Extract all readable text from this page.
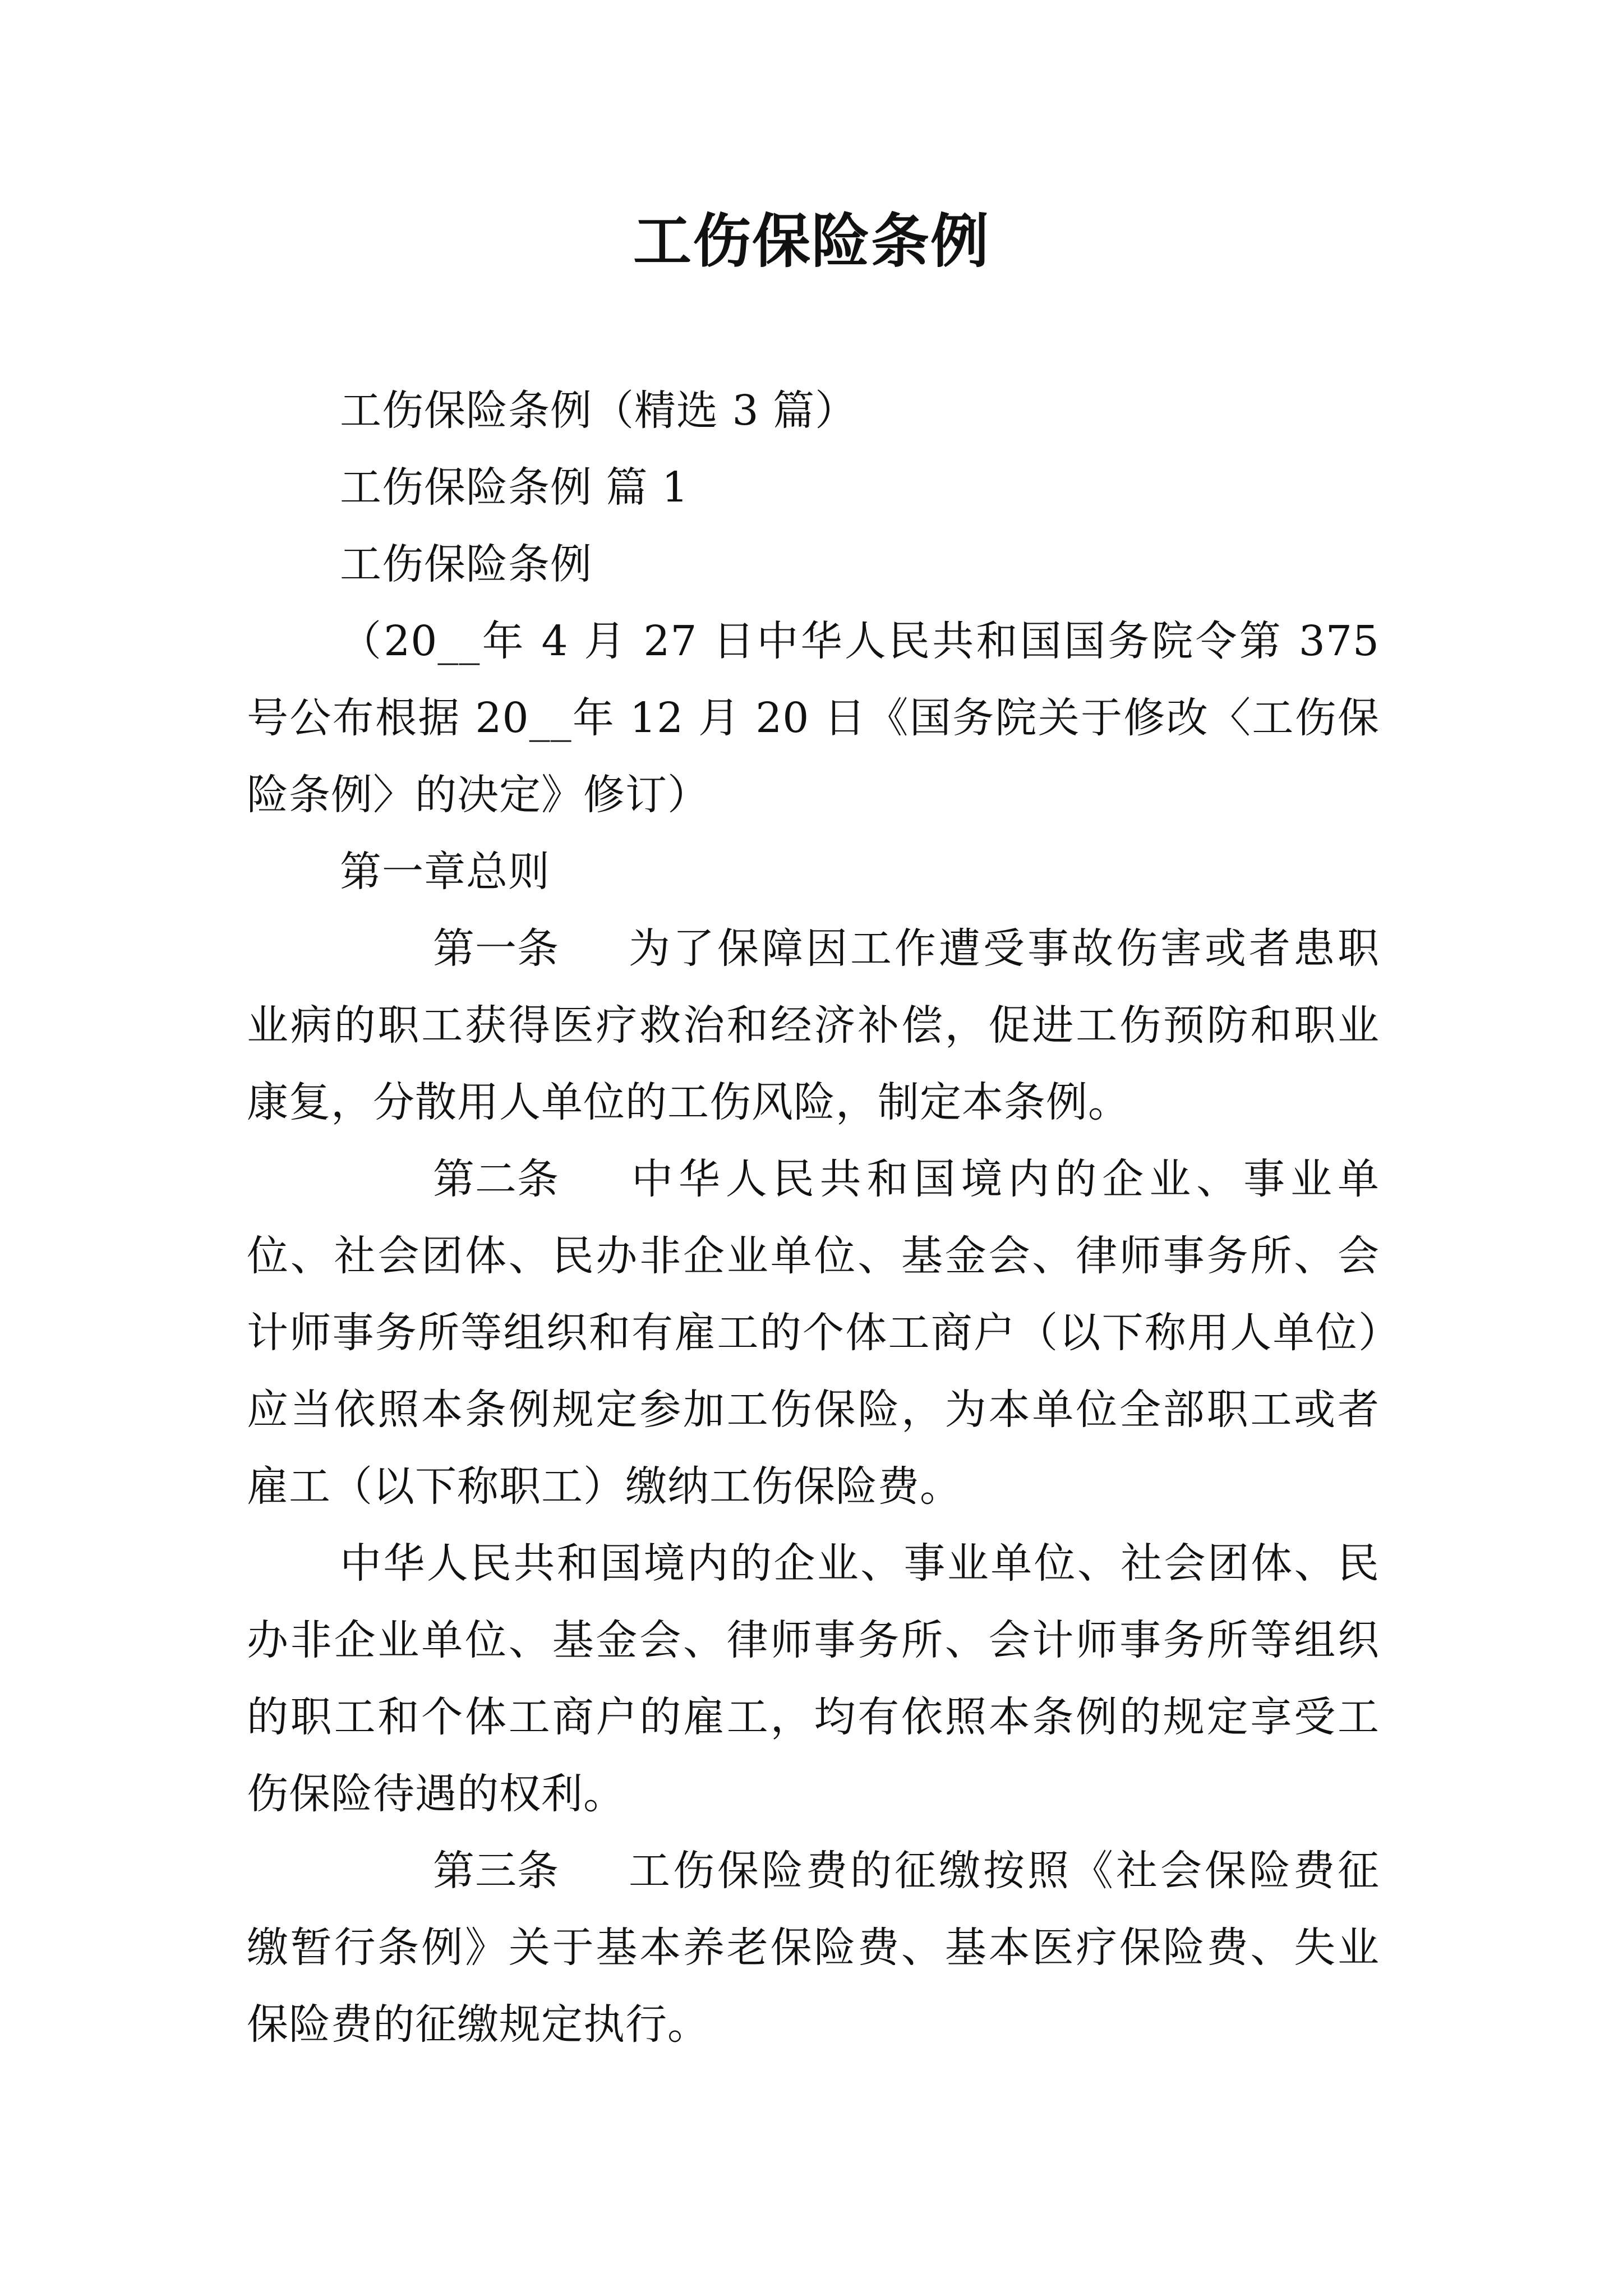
工伤保险条例

工伤保险条例（精选 3 篇）

工伤保险条例 篇 1

工伤保险条例

（20__年 4 月 27 日中华人民共和国国务院令第 375 号公布根据 20__年 12 月 20 日《国务院关于修改〈工伤保险条例〉的决定》修订）

第一章总则

第一条 为了保障因工作遭受事故伤害或者患职业病的职工获得医疗救治和经济补偿，促进工伤预防和职业康复，分散用人单位的工伤风险，制定本条例。

第二条 中华人民共和国境内的企业、事业单位、社会团体、民办非企业单位、基金会、律师事务所、会计师事务所等组织和有雇工的个体工商户（以下称用人单位）应当依照本条例规定参加工伤保险，为本单位全部职工或者雇工（以下称职工）缴纳工伤保险费。

中华人民共和国境内的企业、事业单位、社会团体、民办非企业单位、基金会、律师事务所、会计师事务所等组织的职工和个体工商户的雇工，均有依照本条例的规定享受工伤保险待遇的权利。

第三条 工伤保险费的征缴按照《社会保险费征缴暂行条例》关于基本养老保险费、基本医疗保险费、失业保险费的征缴规定执行。
